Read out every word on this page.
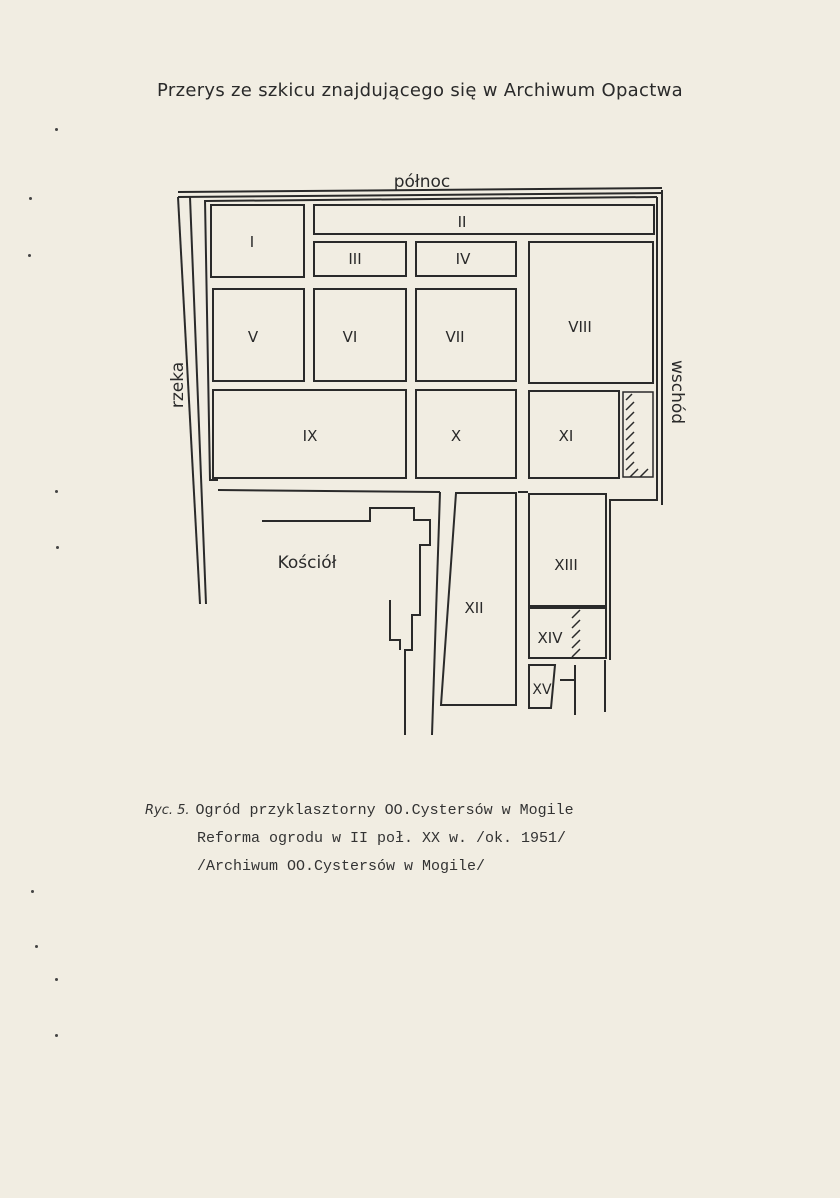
Przerys ze szkicu znajdującego się w Archiwum Opactwa
I
II
III	IV
V	VI	VII
VIII
IX	X	XI
XII
XIII
XIV
XV
północ
rzeka	wschód
Kościół
Ryc. 5. Ogród przyklasztorny OO.Cystersów w Mogile
Reforma ogrodu w II poł. XX w. /ok. 1951/
/Archiwum OO.Cystersów w Mogile/
